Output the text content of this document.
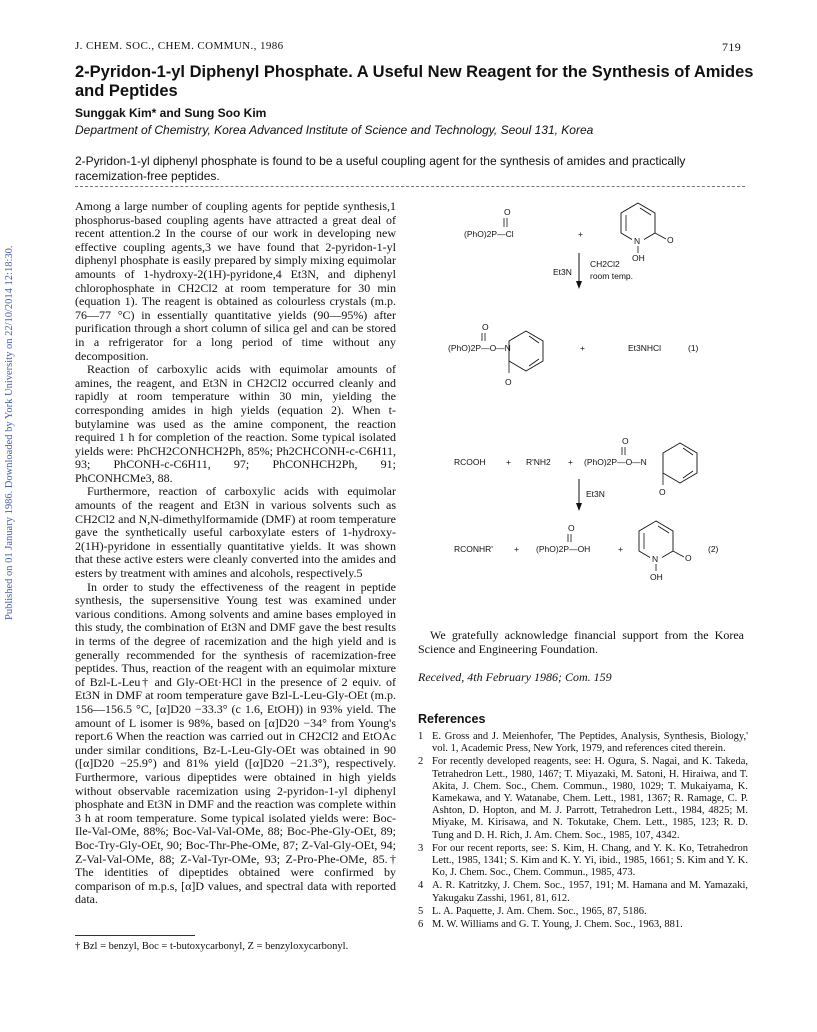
Published on 01 January 1986. Downloaded by York University on 22/10/2014 12:18:30.
J. CHEM. SOC., CHEM. COMMUN., 1986	719
2-Pyridon-1-yl Diphenyl Phosphate. A Useful New Reagent for the Synthesis of Amides and Peptides
Sunggak Kim* and Sung Soo Kim
Department of Chemistry, Korea Advanced Institute of Science and Technology, Seoul 131, Korea
2-Pyridon-1-yl diphenyl phosphate is found to be a useful coupling agent for the synthesis of amides and practically racemization-free peptides.

Among a large number of coupling agents for peptide synthesis,1 phosphorus-based coupling agents have attracted a great deal of recent attention.2 In the course of our work in developing new effective coupling agents,3 we have found that 2-pyridon-1-yl diphenyl phosphate is easily prepared by simply mixing equimolar amounts of 1-hydroxy-2(1H)-pyridone,4 Et3N, and diphenyl chlorophosphate in CH2Cl2 at room temperature for 30 min (equation 1). The reagent is obtained as colourless crystals (m.p. 76—77 °C) in essentially quantitative yields (90—95%) after purification through a short column of silica gel and can be stored in a refrigerator for a long period of time without any decomposition.

Reaction of carboxylic acids with equimolar amounts of amines, the reagent, and Et3N in CH2Cl2 occurred cleanly and rapidly at room temperature within 30 min, yielding the corresponding amides in high yields (equation 2). When t-butylamine was used as the amine component, the reaction required 1 h for completion of the reaction. Some typical isolated yields were: PhCH2CONHCH2Ph, 85%; Ph2CHCONH-c-C6H11, 93; PhCONH-c-C6H11, 97; PhCONHCH2Ph, 91; PhCONHCMe3, 88.

Furthermore, reaction of carboxylic acids with equimolar amounts of the reagent and Et3N in various solvents such as CH2Cl2 and N,N-dimethylformamide (DMF) at room temperature gave the synthetically useful carboxylate esters of 1-hydroxy-2(1H)-pyridone in essentially quantitative yields. It was shown that these active esters were cleanly converted into the amides and esters by treatment with amines and alcohols, respectively.5

In order to study the effectiveness of the reagent in peptide synthesis, the supersensitive Young test was examined under various conditions. Among solvents and amine bases employed in this study, the combination of Et3N and DMF gave the best results in terms of the degree of racemization and the high yield and is generally recommended for the synthesis of racemization-free peptides. Thus, reaction of the reagent with an equimolar mixture of Bzl-L-Leu† and Gly-OEt·HCl in the presence of 2 equiv. of Et3N in DMF at room temperature gave Bzl-L-Leu-Gly-OEt (m.p. 156—156.5 °C, [α]D20 −33.3° (c 1.6, EtOH)) in 93% yield. The amount of L isomer is 98%, based on [α]D20 −34° from Young's report.6 When the reaction was carried out in CH2Cl2 and EtOAc under similar conditions, Bz-L-Leu-Gly-OEt was obtained in 90 ([α]D20 −25.9°) and 81% yield ([α]D20 −21.3°), respectively. Furthermore, various dipeptides were obtained in high yields without observable racemization using 2-pyridon-1-yl diphenyl phosphate and Et3N in DMF and the reaction was complete within 3 h at room temperature. Some typical isolated yields were: Boc-Ile-Val-OMe, 88%; Boc-Val-Val-OMe, 88; Boc-Phe-Gly-OEt, 89; Boc-Try-Gly-OEt, 90; Boc-Thr-Phe-OMe, 87; Z-Val-Gly-OEt, 94; Z-Val-Val-OMe, 88; Z-Val-Tyr-OMe, 93; Z-Pro-Phe-OMe, 85.† The identities of dipeptides obtained were confirmed by comparison of m.p.s, [α]D values, and spectral data with reported data.

† Bzl = benzyl, Boc = t-butoxycarbonyl, Z = benzyloxycarbonyl.
O
(PhO)2P—Cl	+
N	O
OH
Et3N
CH2Cl2
room temp.
O
(PhO)2P—O—N
O
+	Et3NHCl	(1)
RCOOH + R'NH2 +
O
(PhO)2P—O—N
O
Et3N
RCONHR' +
O
(PhO)2P—OH	+
N	O
OH
(2)
We gratefully acknowledge financial support from the Korea Science and Engineering Foundation.
Received, 4th February 1986; Com. 159
References
1 E. Gross and J. Meienhofer, 'The Peptides, Analysis, Synthesis, Biology,' vol. 1, Academic Press, New York, 1979, and references cited therein.
2 For recently developed reagents, see: H. Ogura, S. Nagai, and K. Takeda, Tetrahedron Lett., 1980, 1467; T. Miyazaki, M. Satoni, H. Hiraiwa, and T. Akita, J. Chem. Soc., Chem. Commun., 1980, 1029; T. Mukaiyama, K. Kamekawa, and Y. Watanabe, Chem. Lett., 1981, 1367; R. Ramage, C. P. Ashton, D. Hopton, and M. J. Parrott, Tetrahedron Lett., 1984, 4825; M. Miyake, M. Kirisawa, and N. Tokutake, Chem. Lett., 1985, 123; R. D. Tung and D. H. Rich, J. Am. Chem. Soc., 1985, 107, 4342.
3 For our recent reports, see: S. Kim, H. Chang, and Y. K. Ko, Tetrahedron Lett., 1985, 1341; S. Kim and K. Y. Yi, ibid., 1985, 1661; S. Kim and Y. K. Ko, J. Chem. Soc., Chem. Commun., 1985, 473.
4 A. R. Katritzky, J. Chem. Soc., 1957, 191; M. Hamana and M. Yamazaki, Yakugaku Zasshi, 1961, 81, 612.
5 L. A. Paquette, J. Am. Chem. Soc., 1965, 87, 5186.
6 M. W. Williams and G. T. Young, J. Chem. Soc., 1963, 881.
